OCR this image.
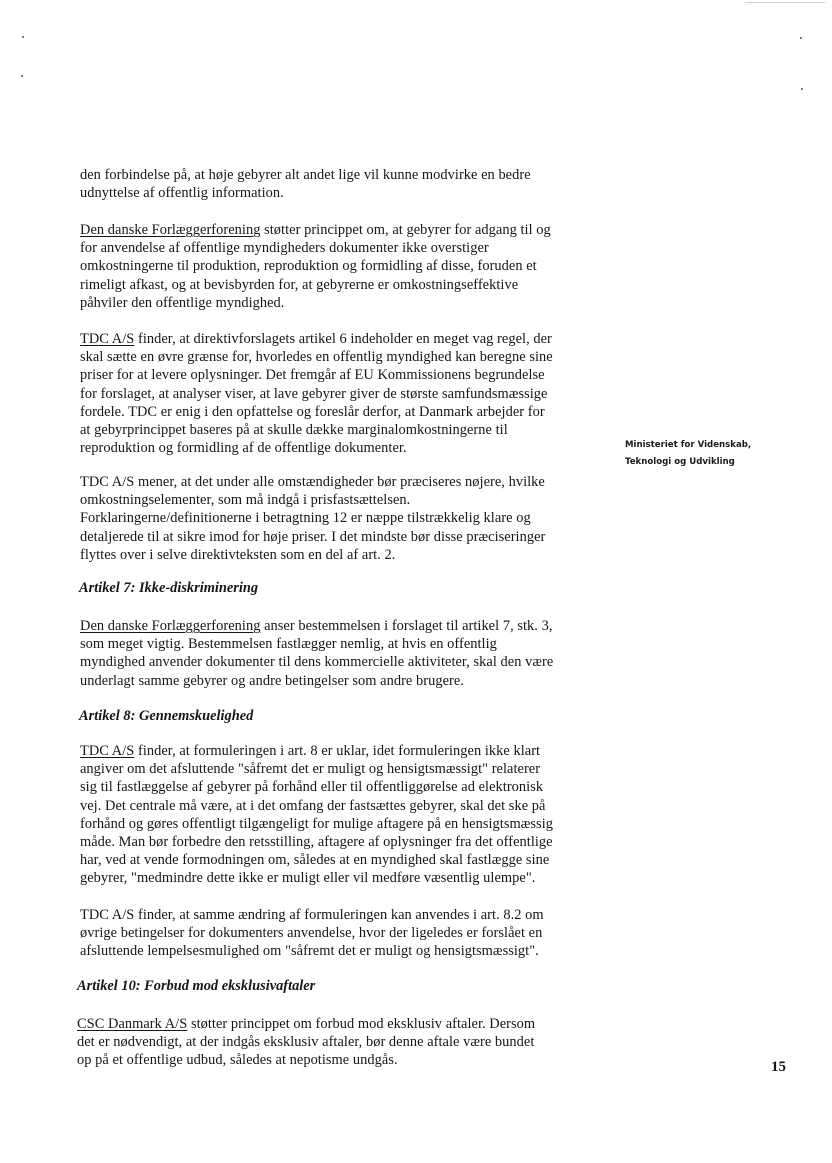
den forbindelse på, at høje gebyrer alt andet lige vil kunne modvirke en bedre
udnyttelse af offentlig information.
Den danske Forlæggerforening støtter princippet om, at gebyrer for adgang til og
for anvendelse af offentlige myndigheders dokumenter ikke overstiger
omkostningerne til produktion, reproduktion og formidling af disse, foruden et
rimeligt afkast, og at bevisbyrden for, at gebyrerne er omkostningseffektive
påhviler den offentlige myndighed.
TDC A/S finder, at direktivforslagets artikel 6 indeholder en meget vag regel, der
skal sætte en øvre grænse for, hvorledes en offentlig myndighed kan beregne sine
priser for at levere oplysninger. Det fremgår af EU Kommissionens begrundelse
for forslaget, at analyser viser, at lave gebyrer giver de største samfundsmæssige
fordele. TDC er enig i den opfattelse og foreslår derfor, at Danmark arbejder for
at gebyrprincippet baseres på at skulle dække marginalomkostningerne til
reproduktion og formidling af de offentlige dokumenter.	Ministeriet for Videnskab,
Teknologi og Udvikling
TDC A/S mener, at det under alle omstændigheder bør præciseres nøjere, hvilke
omkostningselementer, som må indgå i prisfastsættelsen.
Forklaringerne/definitionerne i betragtning 12 er næppe tilstrækkelig klare og
detaljerede til at sikre imod for høje priser. I det mindste bør disse præciseringer
flyttes over i selve direktivteksten som en del af art. 2.
Artikel 7: Ikke-diskriminering
Den danske Forlæggerforening anser bestemmelsen i forslaget til artikel 7, stk. 3,
som meget vigtig. Bestemmelsen fastlægger nemlig, at hvis en offentlig
myndighed anvender dokumenter til dens kommercielle aktiviteter, skal den være
underlagt samme gebyrer og andre betingelser som andre brugere.
Artikel 8: Gennemskuelighed
TDC A/S finder, at formuleringen i art. 8 er uklar, idet formuleringen ikke klart
angiver om det afsluttende "såfremt det er muligt og hensigtsmæssigt" relaterer
sig til fastlæggelse af gebyrer på forhånd eller til offentliggørelse ad elektronisk
vej. Det centrale må være, at i det omfang der fastsættes gebyrer, skal det ske på
forhånd og gøres offentligt tilgængeligt for mulige aftagere på en hensigtsmæssig
måde. Man bør forbedre den retsstilling, aftagere af oplysninger fra det offentlige
har, ved at vende formodningen om, således at en myndighed skal fastlægge sine
gebyrer, "medmindre dette ikke er muligt eller vil medføre væsentlig ulempe".
TDC A/S finder, at samme ændring af formuleringen kan anvendes i art. 8.2 om
øvrige betingelser for dokumenters anvendelse, hvor der ligeledes er forslået en
afsluttende lempelsesmulighed om "såfremt det er muligt og hensigtsmæssigt".
Artikel 10: Forbud mod eksklusivaftaler
CSC Danmark A/S støtter princippet om forbud mod eksklusiv aftaler. Dersom
det er nødvendigt, at der indgås eksklusiv aftaler, bør denne aftale være bundet
op på et offentlige udbud, således at nepotisme undgås.	15
